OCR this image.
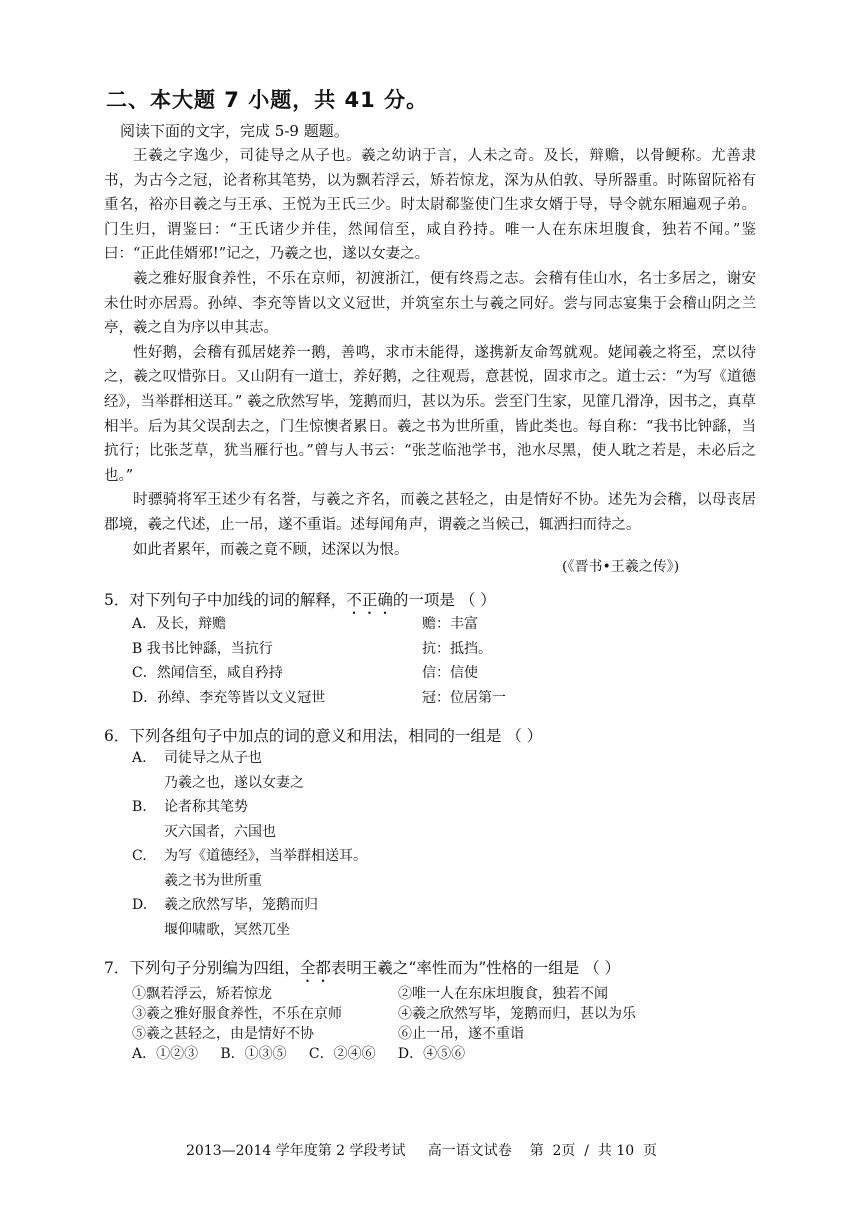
二、本大题 7 小题，共 41 分。
阅读下面的文字，完成 5-9 题题。

王羲之字逸少，司徒导之从子也。羲之幼讷于言，人未之奇。及长，辩赡，以骨鲠称。尤善隶书，为古今之冠，论者称其笔势，以为飘若浮云，矫若惊龙，深为从伯敦、导所器重。时陈留阮裕有重名，裕亦目羲之与王承、王悦为王氏三少。时太尉郗鉴使门生求女婿于导，导令就东厢遍观子弟。门生归，谓鉴曰：“王氏诸少并佳，然闻信至，咸自矜持。唯一人在东床坦腹食，独若不闻。”鉴曰：“正此佳婿邪!”记之，乃羲之也，遂以女妻之。

羲之雅好服食养性，不乐在京师，初渡浙江，便有终焉之志。会稽有佳山水，名士多居之，谢安未仕时亦居焉。孙绰、李充等皆以文义冠世，并筑室东土与羲之同好。尝与同志宴集于会稽山阴之兰亭，羲之自为序以申其志。

性好鹅，会稽有孤居姥养一鹅，善鸣，求市未能得，遂携新友命驾就观。姥闻羲之将至，烹以待之，羲之叹惜弥日。又山阴有一道士，养好鹅，之往观焉，意甚悦，固求市之。道士云：“为写《道德经》，当举群相送耳。” 羲之欣然写毕，笼鹅而归，甚以为乐。尝至门生家，见篚几滑净，因书之，真草相半。后为其父误刮去之，门生惊懊者累日。羲之书为世所重，皆此类也。每自称：“我书比钟繇，当抗行；比张芝草，犹当雁行也。”曾与人书云：“张芝临池学书，池水尽黑，使人耽之若是，未必后之也。”

时骠骑将军王述少有名誉，与羲之齐名，而羲之甚轻之，由是情好不协。述先为会稽，以母丧居郡境，羲之代述，止一吊，遂不重诣。述每闻角声，谓羲之当候己，辄洒扫而待之。

如此者累年，而羲之竟不顾，述深以为恨。

(《晋书•王羲之传》)
5．对下列句子中加线的词的解释，不正确的一项是 （ ）
A．及长，辩赡	赡：丰富
B 我书比钟繇，当抗行	抗：抵挡。
C．然闻信至，咸自矜持	信：信使
D．孙绰、李充等皆以文义冠世	冠：位居第一
6．下列各组句子中加点的词的意义和用法，相同的一组是 （ ）
A.	司徒导之从子也
乃羲之也，遂以女妻之
B.	论者称其笔势
灭六国者，六国也
C.	为写《道德经》，当举群相送耳。
羲之书为世所重
D.	羲之欣然写毕，笼鹅而归
堰仰啸歌，冥然兀坐
7．下列句子分别编为四组，全都表明王羲之“率性而为”性格的一组是 （ ）
①飘若浮云，矫若惊龙	②唯一人在东床坦腹食，独若不闻
③羲之雅好服食养性，不乐在京师	④羲之欣然写毕，笼鹅而归，甚以为乐
⑤羲之甚轻之，由是情好不协	⑥止一吊，遂不重诣
A．①②③     B．①③⑤     C．②④⑥     D．④⑤⑥
2013—2014 学年度第 2 学段考试     高一语文试卷    第  2页  /  共 10  页
